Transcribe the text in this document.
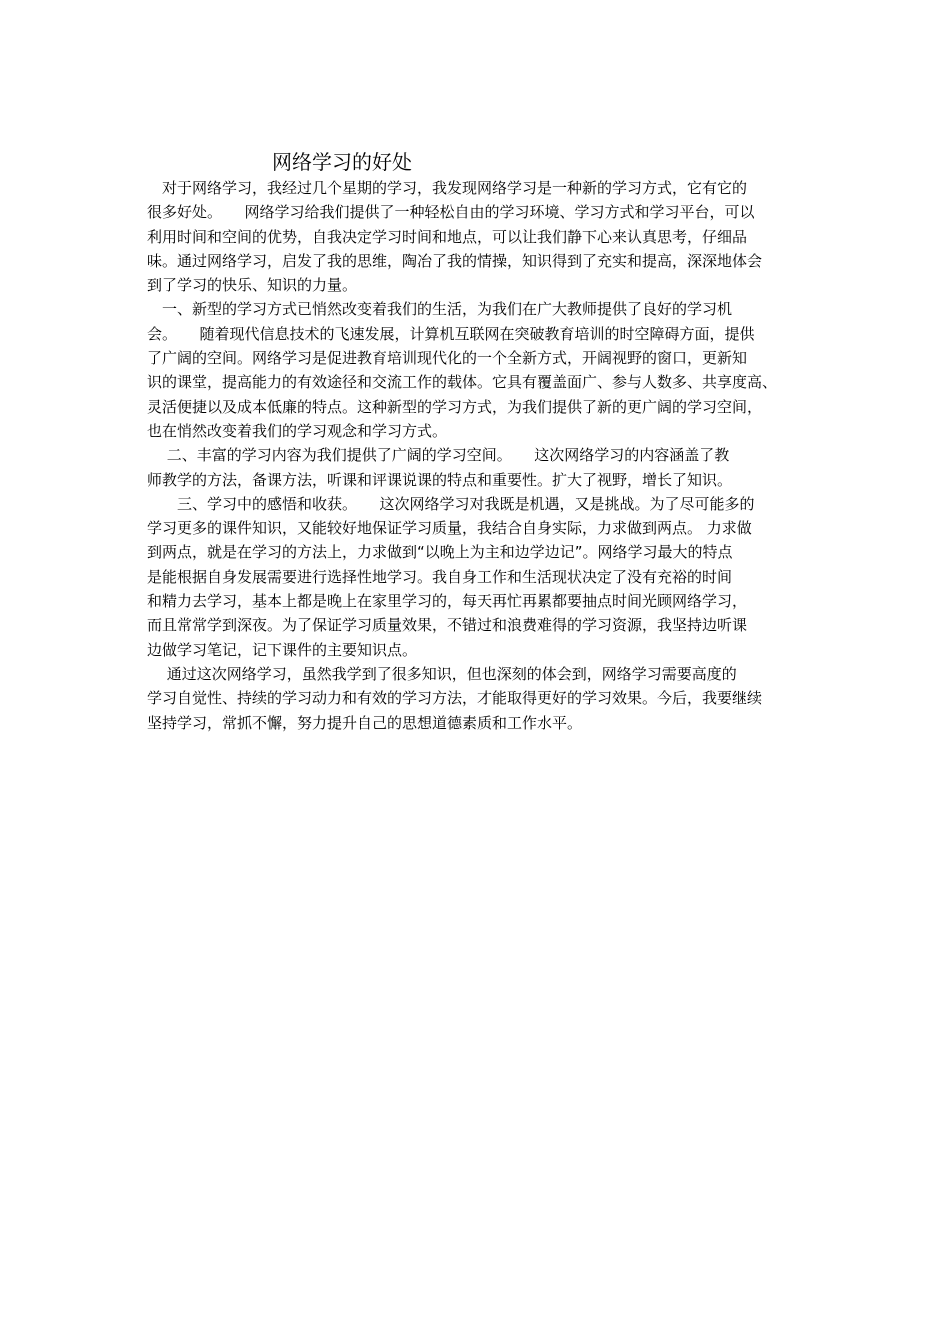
网络学习的好处

　对于网络学习，我经过几个星期的学习，我发现网络学习是一种新的学习方式，它有它的
很多好处。　　网络学习给我们提供了一种轻松自由的学习环境、学习方式和学习平台，可以
利用时间和空间的优势，自我决定学习时间和地点，可以让我们静下心来认真思考，仔细品
味。通过网络学习，启发了我的思维，陶冶了我的情操，知识得到了充实和提高，深深地体会
到了学习的快乐、知识的力量。

　一、新型的学习方式已悄然改变着我们的生活，为我们在广大教师提供了良好的学习机
会。　　随着现代信息技术的飞速发展，计算机互联网在突破教育培训的时空障碍方面，提供
了广阔的空间。网络学习是促进教育培训现代化的一个全新方式，开阔视野的窗口，更新知
识的课堂，提高能力的有效途径和交流工作的载体。它具有覆盖面广、参与人数多、共享度高、
灵活便捷以及成本低廉的特点。这种新型的学习方式，为我们提供了新的更广阔的学习空间，
也在悄然改变着我们的学习观念和学习方式。

　 二、丰富的学习内容为我们提供了广阔的学习空间。　　这次网络学习的内容涵盖了教
师教学的方法，备课方法，听课和评课说课的特点和重要性。扩大了视野，增长了知识。

　　三、学习中的感悟和收获。　　这次网络学习对我既是机遇，又是挑战。为了尽可能多的
学习更多的课件知识，又能较好地保证学习质量，我结合自身实际，力求做到两点。 力求做
到两点，就是在学习的方法上，力求做到“以晚上为主和边学边记”。网络学习最大的特点
是能根据自身发展需要进行选择性地学习。我自身工作和生活现状决定了没有充裕的时间
和精力去学习，基本上都是晚上在家里学习的，每天再忙再累都要抽点时间光顾网络学习，
而且常常学到深夜。为了保证学习质量效果，不错过和浪费难得的学习资源，我坚持边听课
边做学习笔记，记下课件的主要知识点。

　 通过这次网络学习，虽然我学到了很多知识，但也深刻的体会到，网络学习需要高度的
学习自觉性、持续的学习动力和有效的学习方法，才能取得更好的学习效果。今后，我要继续
坚持学习，常抓不懈，努力提升自己的思想道德素质和工作水平。
